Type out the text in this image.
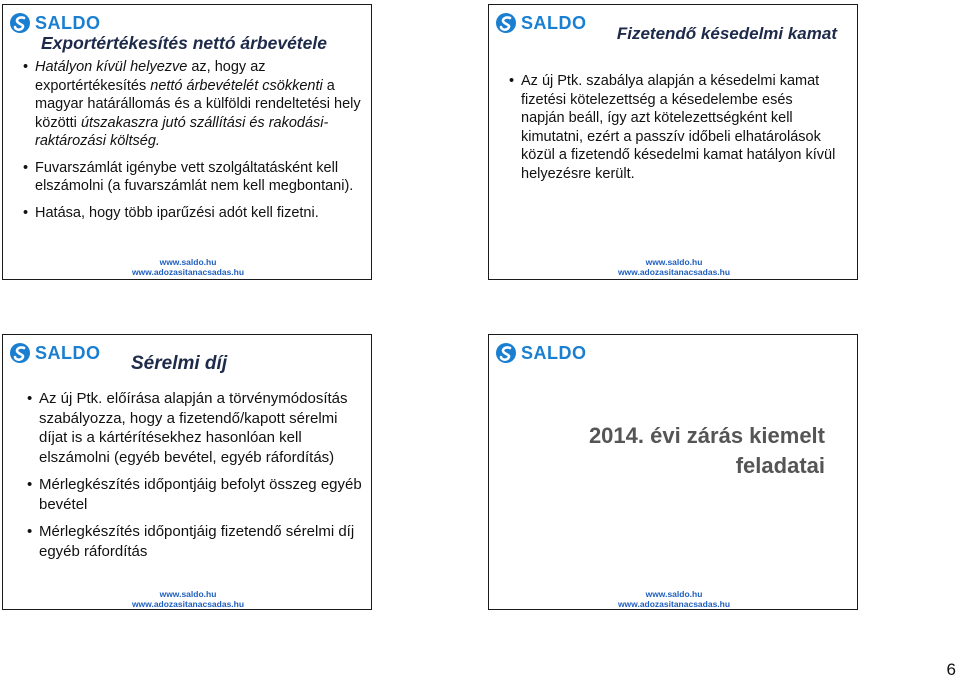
SALDO
Exportértékesítés nettó árbevétele
• Hatályon kívül helyezve az, hogy az exportértékesítés nettó árbevételét csökkenti a magyar határállomás és a külföldi rendeltetési hely közötti útszakaszra jutó szállítási és rakodási-raktározási költség.
• Fuvarszámlát igénybe vett szolgáltatásként kell elszámolni (a fuvarszámlát nem kell megbontani).
• Hatása, hogy több iparűzési adót kell fizetni.
www.saldo.hu
www.adozasitanacsadas.hu
SALDO
Fizetendő késedelmi kamat
• Az új Ptk. szabálya alapján a késedelmi kamat fizetési kötelezettség a késedelembe esés napján beáll, így azt kötelezettségként kell kimutatni, ezért a passzív időbeli elhatárolások közül a fizetendő késedelmi kamat hatályon kívül helyezésre került.
www.saldo.hu
www.adozasitanacsadas.hu
SALDO Sérelmi díj
• Az új Ptk. előírása alapján a törvénymódosítás szabályozza, hogy a fizetendő/kapott sérelmi díjat is a kártérítésekhez hasonlóan kell elszámolni (egyéb bevétel, egyéb ráfordítás)
• Mérlegkészítés időpontjáig befolyt összeg egyéb bevétel
• Mérlegkészítés időpontjáig fizetendő sérelmi díj egyéb ráfordítás
www.saldo.hu
www.adozasitanacsadas.hu
SALDO
2014. évi zárás kiemelt feladatai
www.saldo.hu
www.adozasitanacsadas.hu
6
